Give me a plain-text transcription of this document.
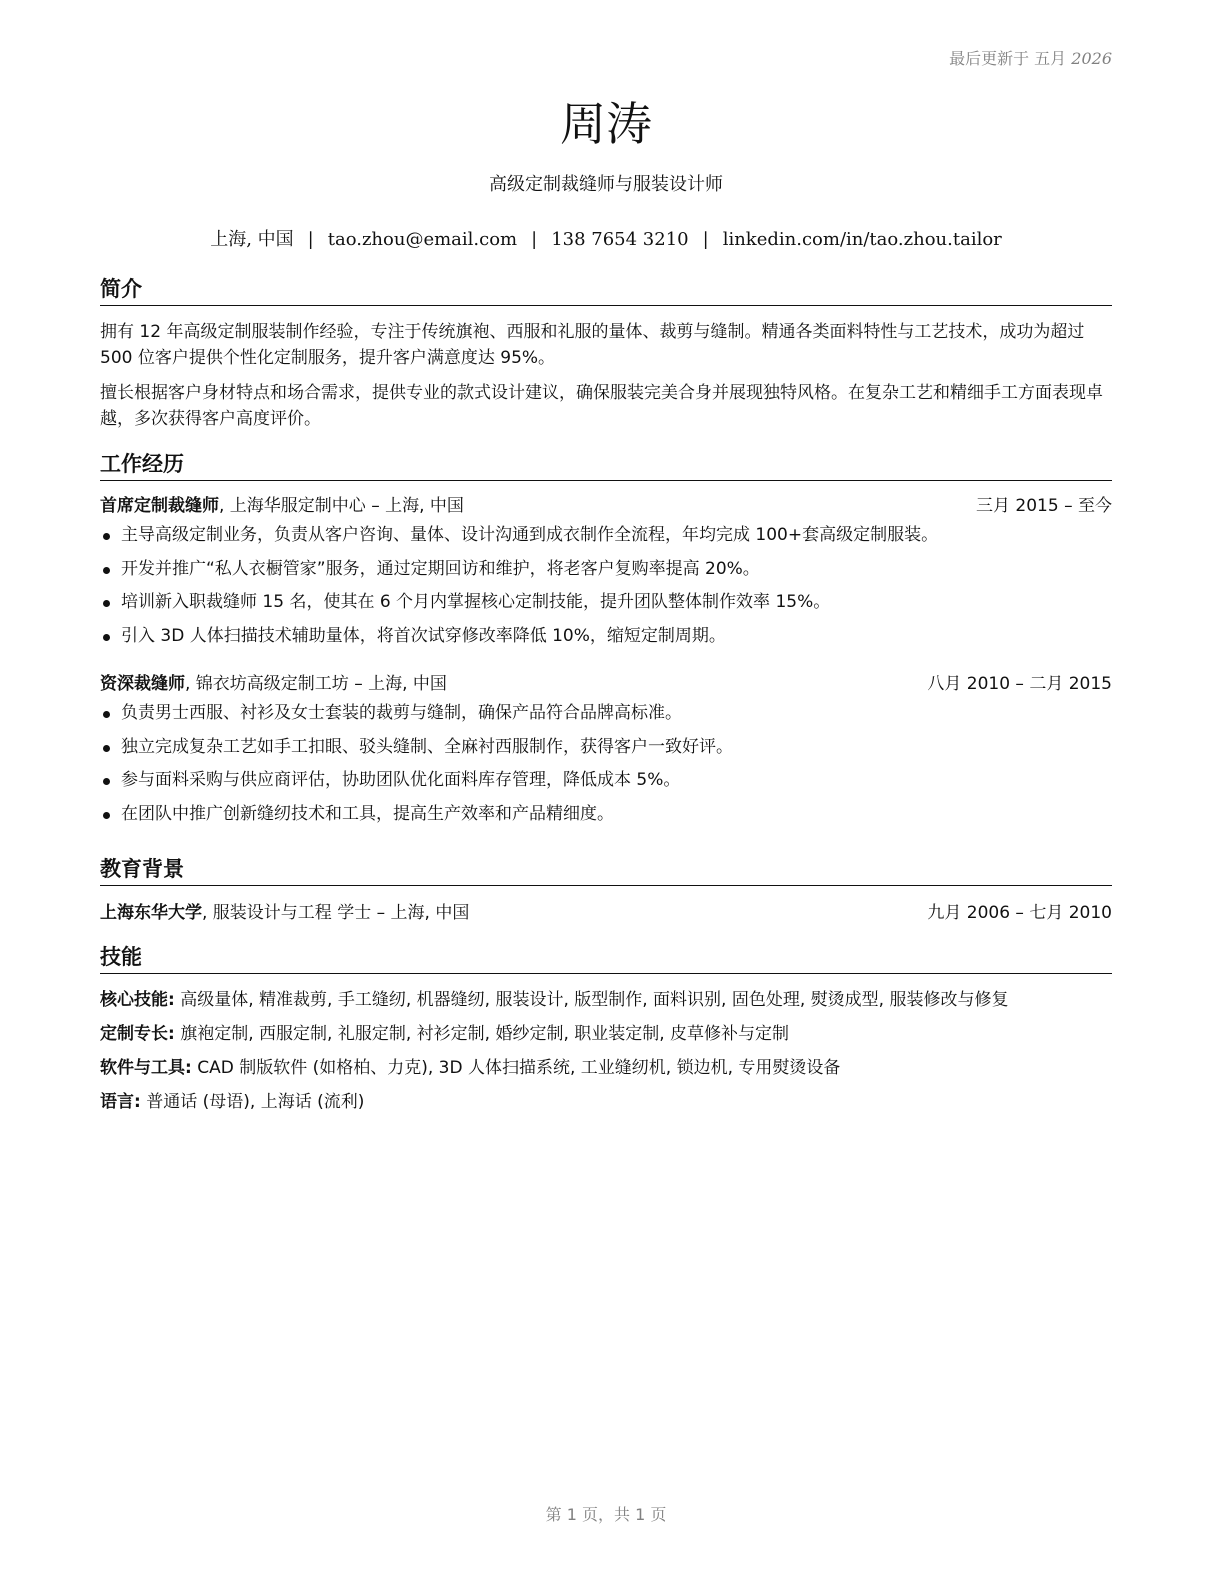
最后更新于 五月 2026
周涛
高级定制裁缝师与服装设计师
上海, 中国 | tao.zhou@email.com | 138 7654 3210 | linkedin.com/in/tao.zhou.tailor
简介

拥有 12 年高级定制服装制作经验，专注于传统旗袍、西服和礼服的量体、裁剪与缝制。精通各类面料特性与工艺技术，成功为超过 500 位客户提供个性化定制服务，提升客户满意度达 95%。

擅长根据客户身材特点和场合需求，提供专业的款式设计建议，确保服装完美合身并展现独特风格。在复杂工艺和精细手工方面表现卓越，多次获得客户高度评价。

工作经历
首席定制裁缝师, 上海华服定制中心 – 上海, 中国	三月 2015 – 至今
主导高级定制业务，负责从客户咨询、量体、设计沟通到成衣制作全流程，年均完成 100+套高级定制服装。
开发并推广“私人衣橱管家”服务，通过定期回访和维护，将老客户复购率提高 20%。
培训新入职裁缝师 15 名，使其在 6 个月内掌握核心定制技能，提升团队整体制作效率 15%。
引入 3D 人体扫描技术辅助量体，将首次试穿修改率降低 10%，缩短定制周期。
资深裁缝师, 锦衣坊高级定制工坊 – 上海, 中国	八月 2010 – 二月 2015
负责男士西服、衬衫及女士套装的裁剪与缝制，确保产品符合品牌高标准。
独立完成复杂工艺如手工扣眼、驳头缝制、全麻衬西服制作，获得客户一致好评。
参与面料采购与供应商评估，协助团队优化面料库存管理，降低成本 5%。
在团队中推广创新缝纫技术和工具，提高生产效率和产品精细度。
教育背景
上海东华大学, 服装设计与工程 学士 – 上海, 中国	九月 2006 – 七月 2010
技能

核心技能: 高级量体, 精准裁剪, 手工缝纫, 机器缝纫, 服装设计, 版型制作, 面料识别, 固色处理, 熨烫成型, 服装修改与修复

定制专长: 旗袍定制, 西服定制, 礼服定制, 衬衫定制, 婚纱定制, 职业装定制, 皮草修补与定制

软件与工具: CAD 制版软件 (如格柏、力克), 3D 人体扫描系统, 工业缝纫机, 锁边机, 专用熨烫设备

语言: 普通话 (母语), 上海话 (流利)

第 1 页，共 1 页
